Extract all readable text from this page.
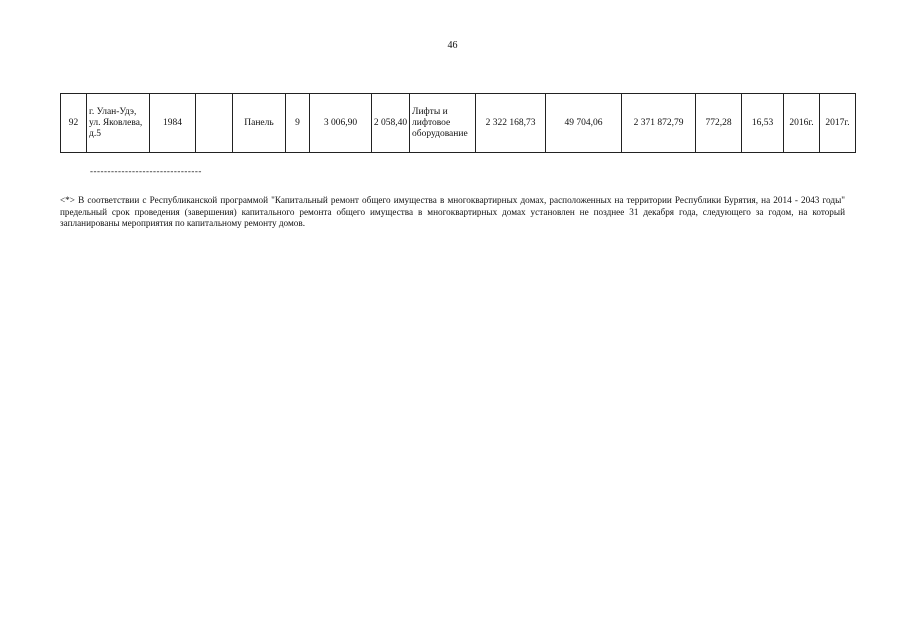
46
92	г. Улан-Удэ, ул. Яковлева, д.5	1984		Панель	9	3 006,90	2 058,40	Лифты и лифтовое оборудование	2 322 168,73	49 704,06	2 371 872,79	772,28	16,53	2016г.	2017г.
--------------------------------
<*> В соответствии с Республиканской программой "Капитальный ремонт общего имущества в многоквартирных домах, расположенных на территории Республики Бурятия, на 2014 - 2043 годы" предельный срок проведения (завершения) капитального ремонта общего имущества в многоквартирных домах установлен не позднее 31 декабря года, следующего за годом, на который запланированы мероприятия по капитальному ремонту домов.
